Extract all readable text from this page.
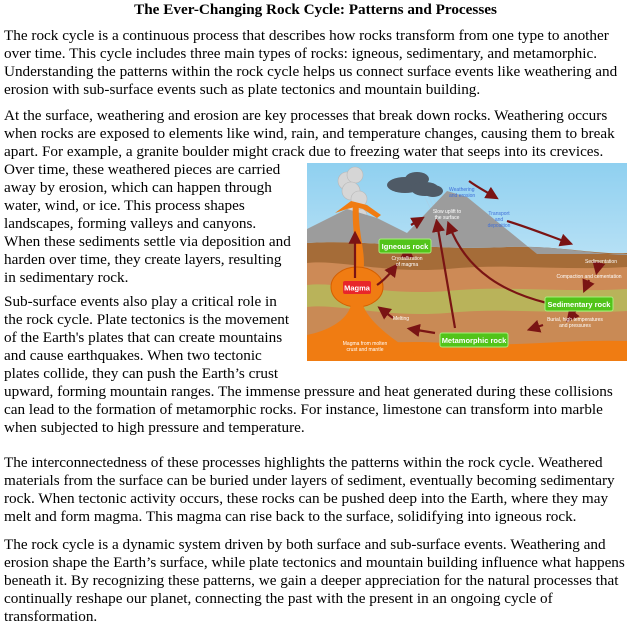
The Ever-Changing Rock Cycle: Patterns and Processes

The rock cycle is a continuous process that describes how rocks transform from one type to another over time. This cycle includes three main types of rocks: igneous, sedimentary, and metamorphic. Understanding the patterns within the rock cycle helps us connect surface events like weathering and erosion with sub-surface events such as plate tectonics and mountain building.

At the surface, weathering and erosion are key processes that break down rocks. Weathering occurs when rocks are exposed to elements like wind, rain, and temperature changes, causing them to break apart. For example, a granite boulder might crack due to freezing water that seeps into its crevices. Over time, these
Igneous rock
Magma
Sedimentary rock
Metamorphic rock
Weathering
and erosion
Transport
and
deposition
Slow uplift to
the surface
Sedimentation
Compaction and cementation
Crystallization
of magma
Melting	Burial, high temperatures
and pressures
Magma from molten
crust and mantle
weathered pieces are carried away by erosion, which can happen through water, wind, or ice. This process shapes landscapes, forming valleys and canyons. When these sediments settle via deposition and harden over time, they create layers, resulting in sedimentary rock.

Sub-surface events also play a critical role in the rock cycle. Plate tectonics is the movement of the Earth's plates that can create mountains and cause earthquakes. When two tectonic plates collide, they can push the Earth’s crust upward, forming mountain ranges. The immense pressure and heat generated during these collisions can lead to the formation of metamorphic rocks. For instance, limestone can transform into marble when subjected to high pressure and temperature.

The interconnectedness of these processes highlights the patterns within the rock cycle. Weathered materials from the surface can be buried under layers of sediment, eventually becoming sedimentary rock. When tectonic activity occurs, these rocks can be pushed deep into the Earth, where they may melt and form magma. This magma can rise back to the surface, solidifying into igneous rock.

The rock cycle is a dynamic system driven by both surface and sub-surface events. Weathering and erosion shape the Earth’s surface, while plate tectonics and mountain building influence what happens beneath it. By recognizing these patterns, we gain a deeper appreciation for the natural processes that continually reshape our planet, connecting the past with the present in an ongoing cycle of transformation.
